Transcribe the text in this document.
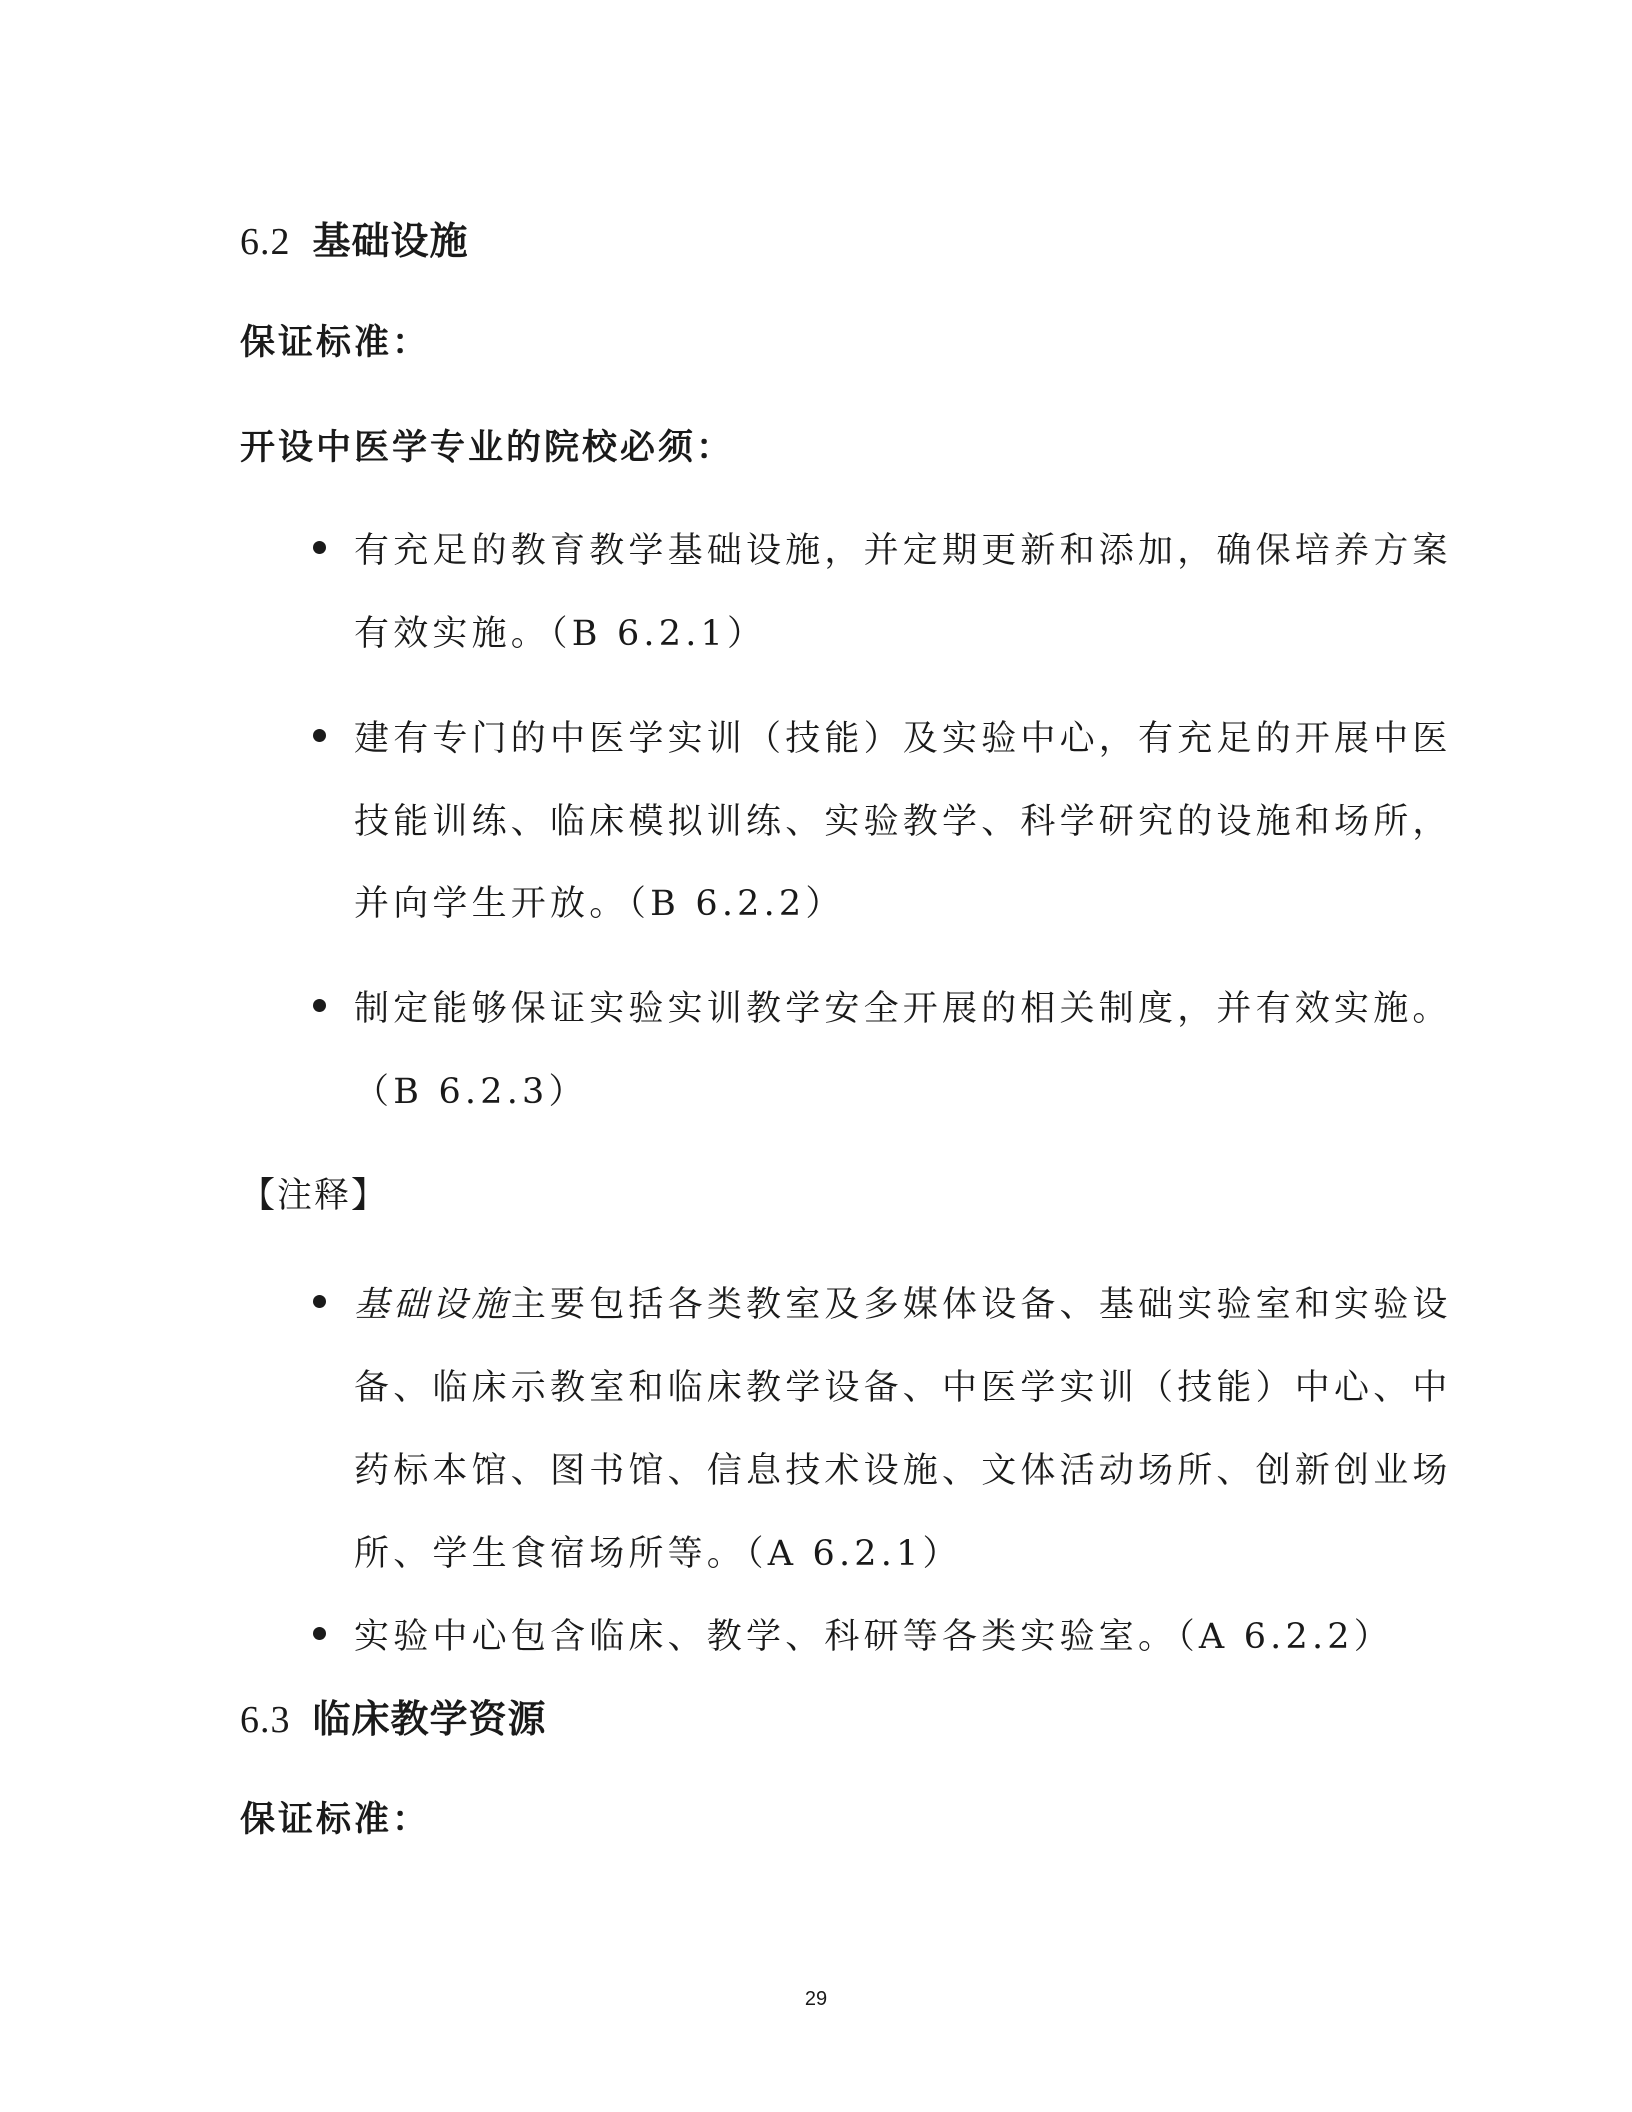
6.2 基础设施
保证标准：
开设中医学专业的院校必须：
有充足的教育教学基础设施，并定期更新和添加，确保培养方案
有效实施。（B 6.2.1）
建有专门的中医学实训（技能）及实验中心，有充足的开展中医
技能训练、临床模拟训练、实验教学、科学研究的设施和场所，
并向学生开放。（B 6.2.2）
制定能够保证实验实训教学安全开展的相关制度，并有效实施。
（B 6.2.3）
【注释】
基础设施主要包括各类教室及多媒体设备、基础实验室和实验设
备、临床示教室和临床教学设备、中医学实训（技能）中心、中
药标本馆、图书馆、信息技术设施、文体活动场所、创新创业场
所、学生食宿场所等。（A 6.2.1）
实验中心包含临床、教学、科研等各类实验室。（A 6.2.2）
6.3 临床教学资源
保证标准：
29
